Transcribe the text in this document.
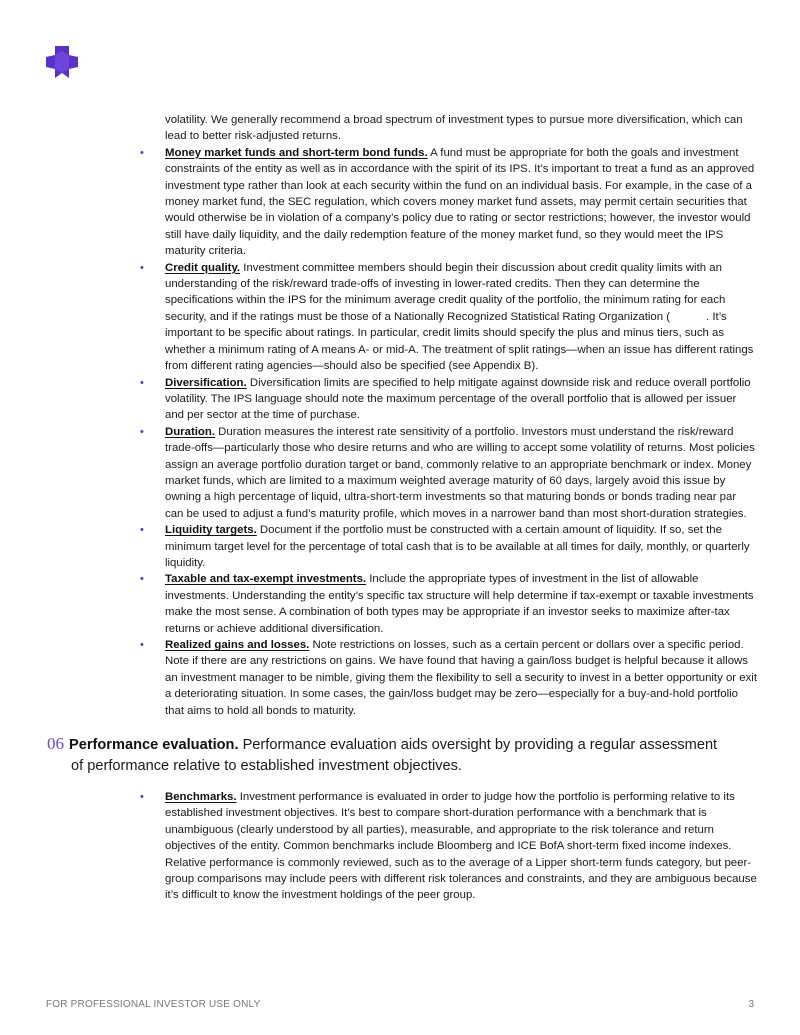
volatility. We generally recommend a broad spectrum of investment types to pursue more diversification, which can lead to better risk-adjusted returns.

• Money market funds and short-term bond funds. A fund must be appropriate for both the goals and investment constraints of the entity as well as in accordance with the spirit of its IPS. It’s important to treat a fund as an approved investment type rather than look at each security within the fund on an individual basis. For example, in the case of a money market fund, the SEC regulation, which covers money market fund assets, may permit certain securities that would otherwise be in violation of a company’s policy due to rating or sector restrictions; however, the investor would still have daily liquidity, and the daily redemption feature of the money market fund, so they would meet the IPS maturity criteria.
• Credit quality. Investment committee members should begin their discussion about credit quality limits with an understanding of the risk/reward trade-offs of investing in lower-rated credits. Then they can determine the specifications within the IPS for the minimum average credit quality of the portfolio, the minimum rating for each security, and if the ratings must be those of a Nationally Recognized Statistical Rating Organization (	. It’s important to be specific about ratings. In particular, credit limits should specify the plus and minus tiers, such as whether a minimum rating of A means A- or mid-A. The treatment of split ratings—when an issue has different ratings from different rating agencies—should also be specified (see Appendix B).
• Diversification. Diversification limits are specified to help mitigate against downside risk and reduce overall portfolio volatility. The IPS language should note the maximum percentage of the overall portfolio that is allowed per issuer and per sector at the time of purchase.
• Duration. Duration measures the interest rate sensitivity of a portfolio. Investors must understand the risk/reward trade-offs—particularly those who desire returns and who are willing to accept some volatility of returns. Most policies assign an average portfolio duration target or band, commonly relative to an appropriate benchmark or index. Money market funds, which are limited to a maximum weighted average maturity of 60 days, largely avoid this issue by owning a high percentage of liquid, ultra-short-term investments so that maturing bonds or bonds trading near par can be used to adjust a fund’s maturity profile, which moves in a narrower band than most short-duration strategies.
• Liquidity targets. Document if the portfolio must be constructed with a certain amount of liquidity. If so, set the minimum target level for the percentage of total cash that is to be available at all times for daily, monthly, or quarterly liquidity.
• Taxable and tax-exempt investments. Include the appropriate types of investment in the list of allowable investments. Understanding the entity’s specific tax structure will help determine if tax-exempt or taxable investments make the most sense. A combination of both types may be appropriate if an investor seeks to maximize after-tax returns or achieve additional diversification.
• Realized gains and losses. Note restrictions on losses, such as a certain percent or dollars over a specific period. Note if there are any restrictions on gains. We have found that having a gain/loss budget is helpful because it allows an investment manager to be nimble, giving them the flexibility to sell a security to invest in a better opportunity or exit a deteriorating situation. In some cases, the gain/loss budget may be zero—especially for a buy-and-hold portfolio that aims to hold all bonds to maturity.
06 Performance evaluation. Performance evaluation aids oversight by providing a regular assessment
of performance relative to established investment objectives.
• Benchmarks. Investment performance is evaluated in order to judge how the portfolio is performing relative to its established investment objectives. It’s best to compare short-duration performance with a benchmark that is unambiguous (clearly understood by all parties), measurable, and appropriate to the risk tolerance and return objectives of the entity. Common benchmarks include Bloomberg and ICE BofA short-term fixed income indexes. Relative performance is commonly reviewed, such as to the average of a Lipper short-term funds category, but peer-group comparisons may include peers with different risk tolerances and constraints, and they are ambiguous because it’s difficult to know the investment holdings of the peer group.
FOR PROFESSIONAL INVESTOR USE ONLY	3
